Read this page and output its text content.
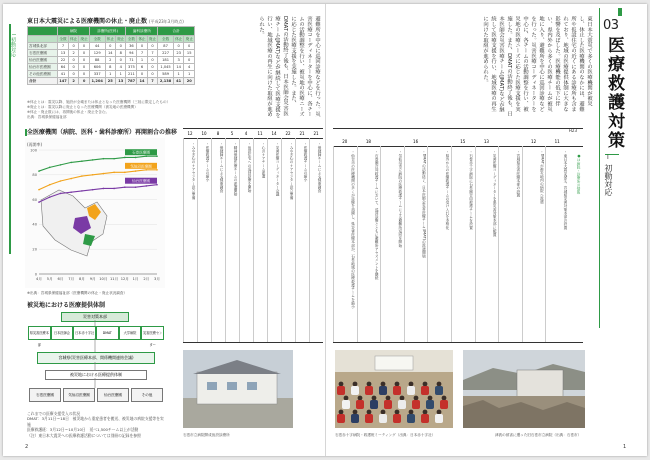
I 初動対応
東日本大震災による医療機関の休止・廃止数 (平成23年3月時点)
	病院			診療所(医科)			歯科診療所			合計		
	全数	休止	廃止	全数	休止	廃止	全数	休止	廃止	全数	休止	廃止
宮城県北部	7	0	0	44	0	0	36	0	0	87	0	0
石巻医療圏	13	2	0	129	14	8	94	7	7	227	23	15
仙台医療圏	22	0	0	88	2	0	71	1	0	181	3	0
仙台市医療圏	64	0	0	606	8	4	375	6	0	1,045	14	4
その他医療圏	41	0	0	337	1	1	211	0	0	589	1	1
合計	147	2	0	1,204	25	13	787	14	7	2,138	41	20
※休止とは：震災以降、施設が全壊または休止となった医療機関（三陸に限定したもの）
※廃止とは：震災以降に廃止となった医療機関（被災地の医療機関）
※休止・廃止数には、再開後の休止・廃止を含む。
出典：宮城県保健福祉部
避難所を中心に巡回診療などを行った。災害医療コーディネーターを中心に、各チームの活動調整を行い、被災地の医療ニーズに応じた医療支援を実施した。また、DMATの活動終了後も、日本医師会災害医療チーム(JMAT)などが継続して医療支援を行い、地域医療の再生に向けた取組が進められた。
全医療機関（病院、医科・歯科診療所）再開割合の推移
(再開率)
0
20
40
60
80
100
石巻医療圏
気仙沼医療圏
仙台医療圏
4月 5月 6月 7月 8月 9月 10月 11月 12月 1月 2月 3月
※出典：宮城県保健福祉部（医療機関の休止・廃止状況調査）
被災地における医療提供体制
災害対策本部
県災害医療本部
日本医師会	日本赤十字社	DMAT	大学病院	災害医療センター
宮城県(災害医療本部、関係機関連絡会議)
被災地における医療提供体制
石巻医療圏	気仙沼医療圏	仙台医療圏	その他
これまでの医療支援受入の状況
DMAT：3月11日～18日　被災地から重症患者を搬送、被災地の病院支援等を実施
医療救護班：3月12日～10月10日　延べ1,500チーム以上が活動
（注）東日本大震災への医療救護活動については別冊の記録を参照
12	10	8	5	4	11	14	22	21	21
・みやぎ心のケアセンター設立準備	・医療救護チームの縮小	・保健師チームによる健康調査	・精神保健医療チームの派遣開始	・仮設住宅への巡回診療を開始	・心のケアチーム派遣	・災害医療コーディネーター会議	・みやぎ心のケアセンター設立準備	・医療救護チームの縮小	・保健師チームによる健康調査
石巻市立病院開成仮設診療所
2
03
医療救護対策
I
初動対応
東日本大震災で多くの医療機関が被災し、休止した医療機関のなかには、避難所や仮設住宅の近くにある診療所も含まれており、地域の医療提供体制に大きな影響を及ぼした。医療機能の低下に伴い、県内外から多くの医療チームが被災地に入り、避難所を中心に巡回診療などを行った。災害医療コーディネーターを中心に、各チームの活動調整を行い、被災地の医療ニーズに応じた医療支援を実施した。また、DMATの活動終了後も、日本医師会災害医療チーム(JMAT)などが継続して医療支援を行い、地域医療の再生に向けた取組が進められた。
H23
20	18	16	15	13	12	11
・仙台市の医療機関の多くが診療を再開し、県災害医療本部が、石巻地域の医療救護チームを縮小	・石巻圏合同救護チームにおいて、巡回診療とともに避難所アセスメントを継続	・気仙沼市立病院の医療救護チームによる避難所巡回を開始	・DMATの活動終了、日本医師会災害医療チーム(JMAT)の派遣開始	・県外からの医療救護チームの受け入れを本格化	・石巻赤十字病院に石巻圏合同救護チームを設置	・災害医療コーディネーターを県災害対策本部に配置	・宮城県災害医療本部の設置	・DMATが被災地内の病院へ派遣	・東日本大震災発生、宮城県災害対策本部の設置	●は病院・診療所の情報
石巻赤十字病院・救護班ミーティング（出典：日本赤十字社）	津波の被害に遭った旧石巻市立病院（出典：石巻市）
1
